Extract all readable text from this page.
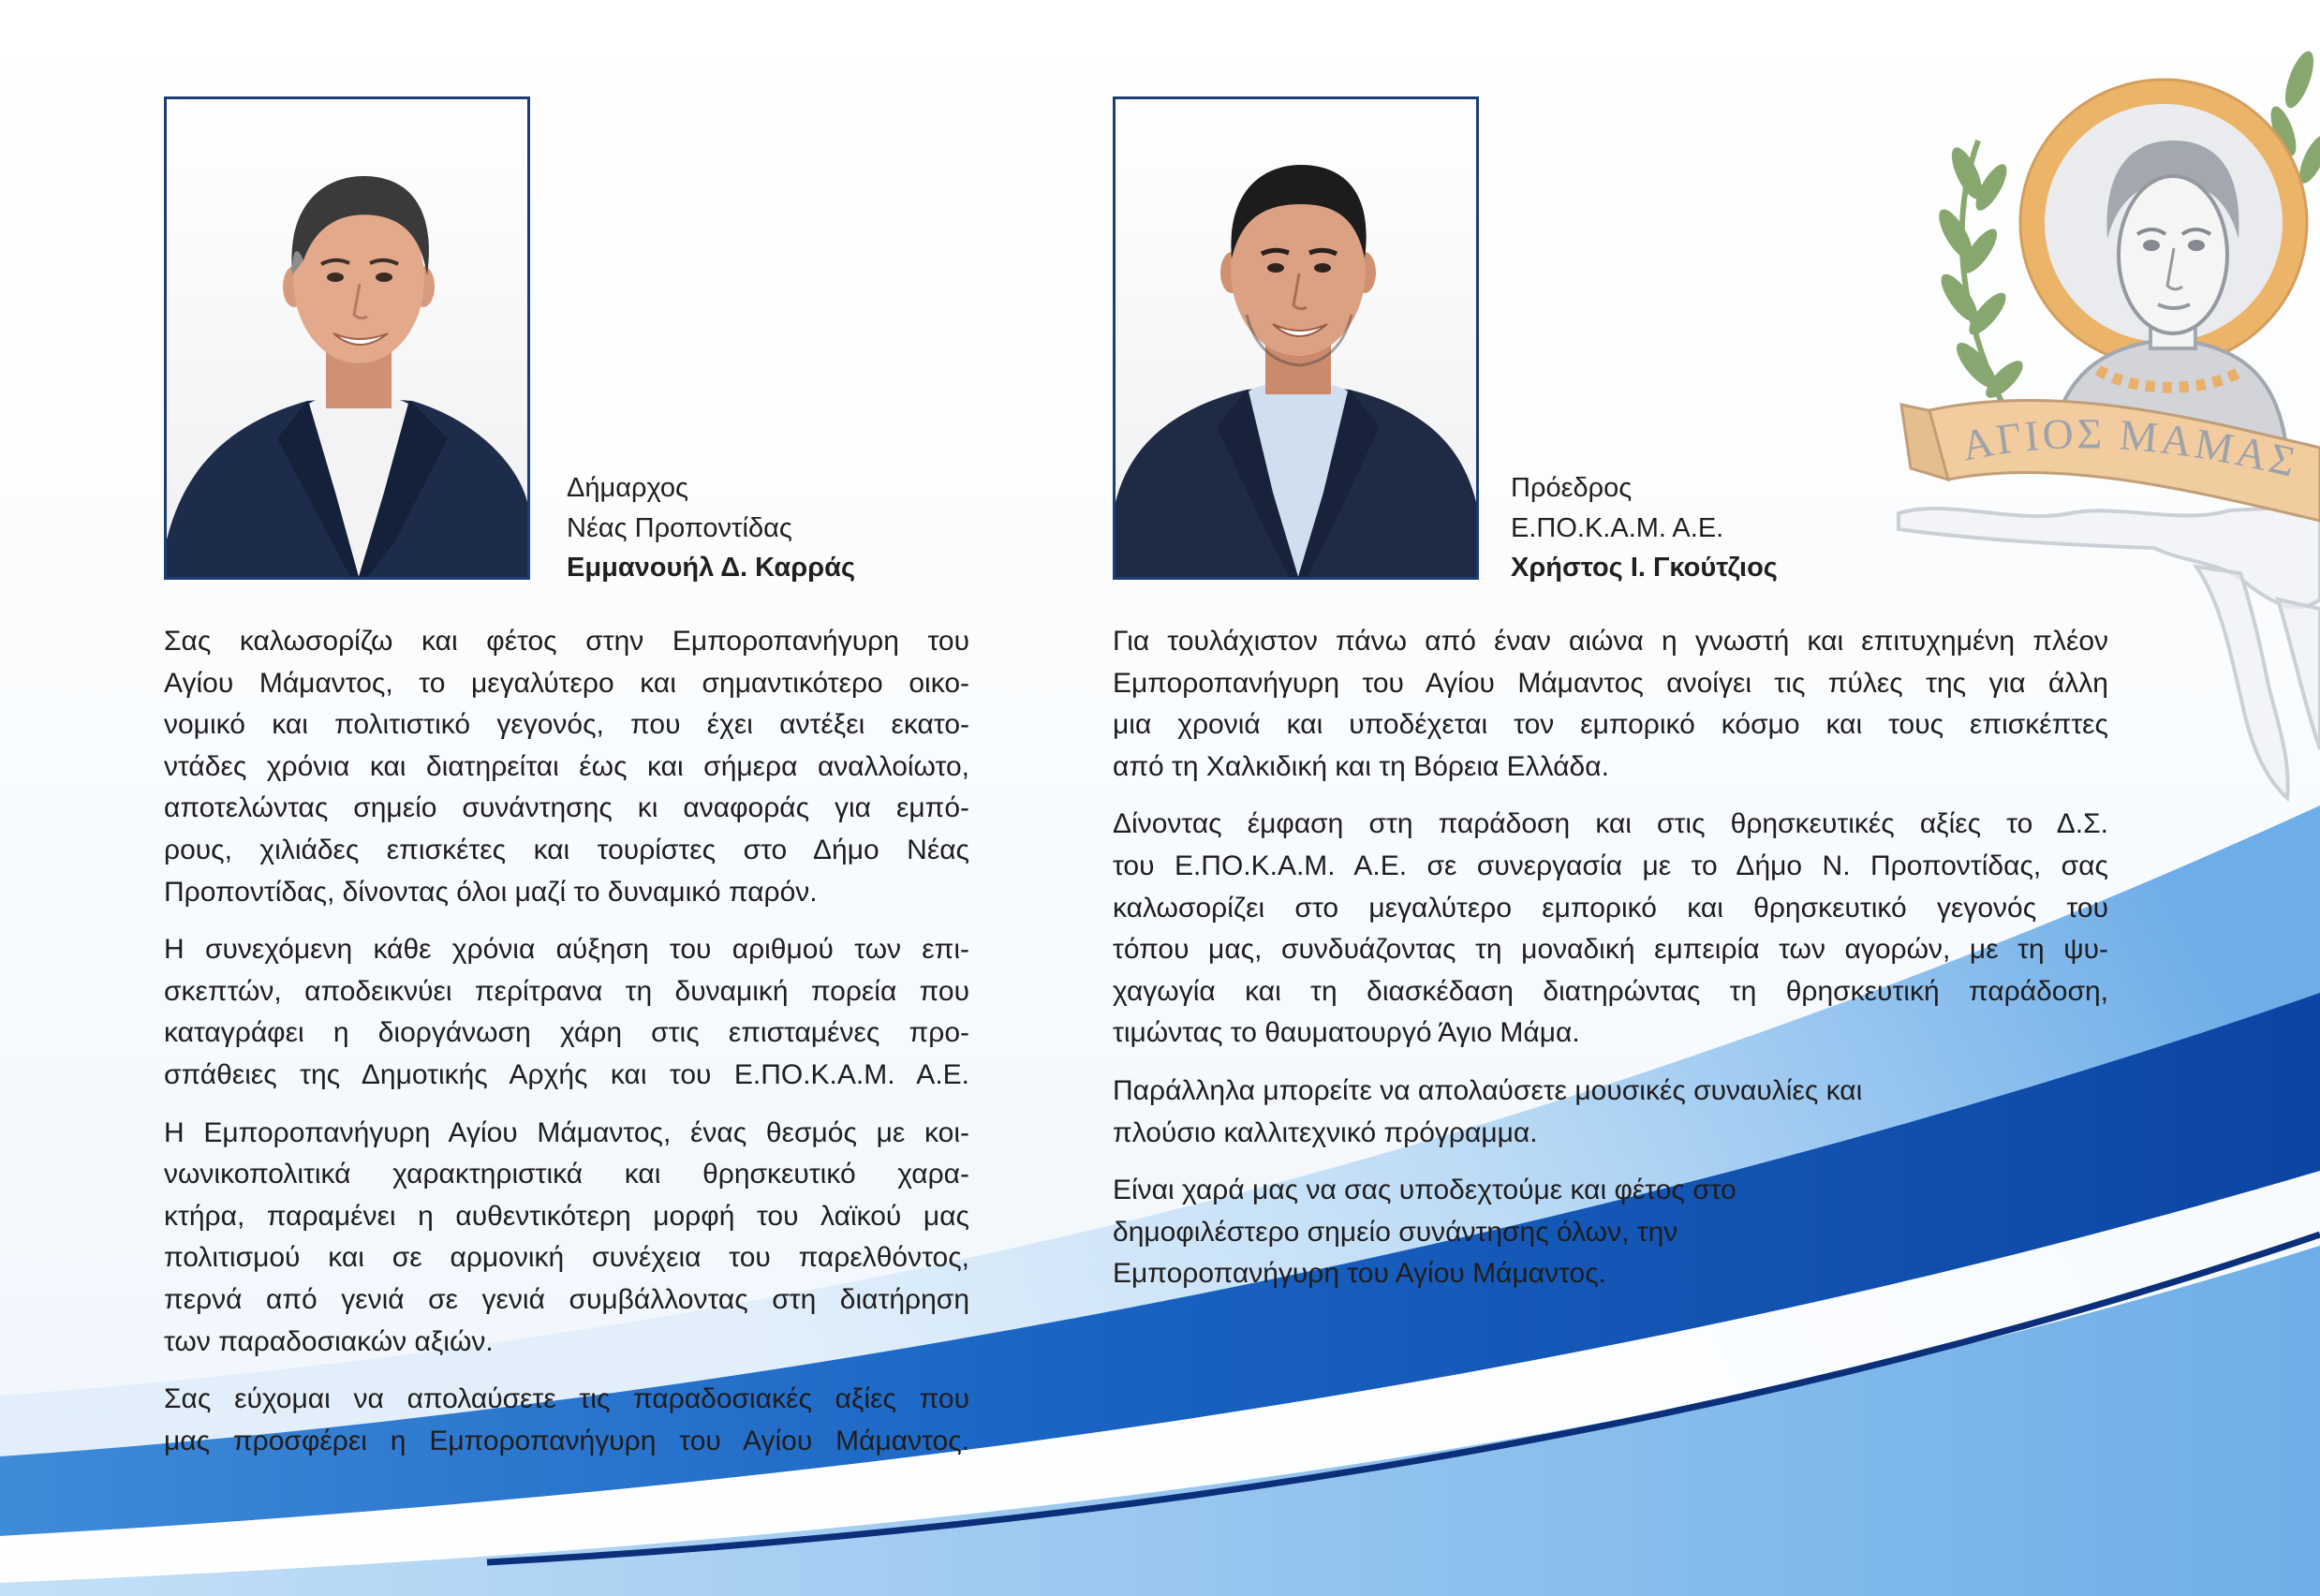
ΑΓΙΟΣ ΜΑΜΑΣ
Δήμαρχος
Νέας Προποντίδας
Εμμανουήλ Δ. Καρράς
Πρόεδρος
Ε.ΠΟ.Κ.Α.Μ. Α.Ε.
Χρήστος Ι. Γκούτζιος

Σας καλωσορίζω και φέτος στην Εμποροπανήγυρη του
Αγίου Μάμαντος, το μεγαλύτερο και σημαντικότερο οικο-
νομικό και πολιτιστικό γεγονός, που έχει αντέξει εκατο-
ντάδες χρόνια και διατηρείται έως και σήμερα αναλλοίωτο,
αποτελώντας σημείο συνάντησης κι αναφοράς για εμπό-
ρους, χιλιάδες επισκέτες και τουρίστες στο Δήμο Νέας
Προποντίδας, δίνοντας όλοι μαζί το δυναμικό παρόν.

Η συνεχόμενη κάθε χρόνια αύξηση του αριθμού των επι-
σκεπτών, αποδεικνύει περίτρανα τη δυναμική πορεία που
καταγράφει η διοργάνωση χάρη στις επισταμένες προ-
σπάθειες της Δημοτικής Αρχής και του Ε.ΠΟ.Κ.Α.Μ. Α.Ε.

Η Εμποροπανήγυρη Αγίου Μάμαντος, ένας θεσμός με κοι-
νωνικοπολιτικά χαρακτηριστικά και θρησκευτικό χαρα-
κτήρα, παραμένει η αυθεντικότερη μορφή του λαϊκού μας
πολιτισμού και σε αρμονική συνέχεια του παρελθόντος,
περνά από γενιά σε γενιά συμβάλλοντας στη διατήρηση
των παραδοσιακών αξιών.

Σας εύχομαι να απολαύσετε τις παραδοσιακές αξίες που
μας προσφέρει η Εμποροπανήγυρη του Αγίου Μάμαντος.

Για τουλάχιστον πάνω από έναν αιώνα η γνωστή και επιτυχημένη πλέον
Εμποροπανήγυρη του Αγίου Μάμαντος ανοίγει τις πύλες της για άλλη
μια χρονιά και υποδέχεται τον εμπορικό κόσμο και τους επισκέπτες
από τη Χαλκιδική και τη Βόρεια Ελλάδα.

Δίνοντας έμφαση στη παράδοση και στις θρησκευτικές αξίες το Δ.Σ.
του Ε.ΠΟ.Κ.Α.Μ. Α.Ε. σε συνεργασία με το Δήμο Ν. Προποντίδας, σας
καλωσορίζει στο μεγαλύτερο εμπορικό και θρησκευτικό γεγονός του
τόπου μας, συνδυάζοντας τη μοναδική εμπειρία των αγορών, με τη ψυ-
χαγωγία και τη διασκέδαση διατηρώντας τη θρησκευτική παράδοση,
τιμώντας το θαυματουργό Άγιο Μάμα.

Παράλληλα μπορείτε να απολαύσετε μουσικές συναυλίες και
πλούσιο καλλιτεχνικό πρόγραμμα.

Είναι χαρά μας να σας υποδεχτούμε και φέτος στο
δημοφιλέστερο σημείο συνάντησης όλων, την
Εμποροπανήγυρη του Αγίου Μάμαντος.
